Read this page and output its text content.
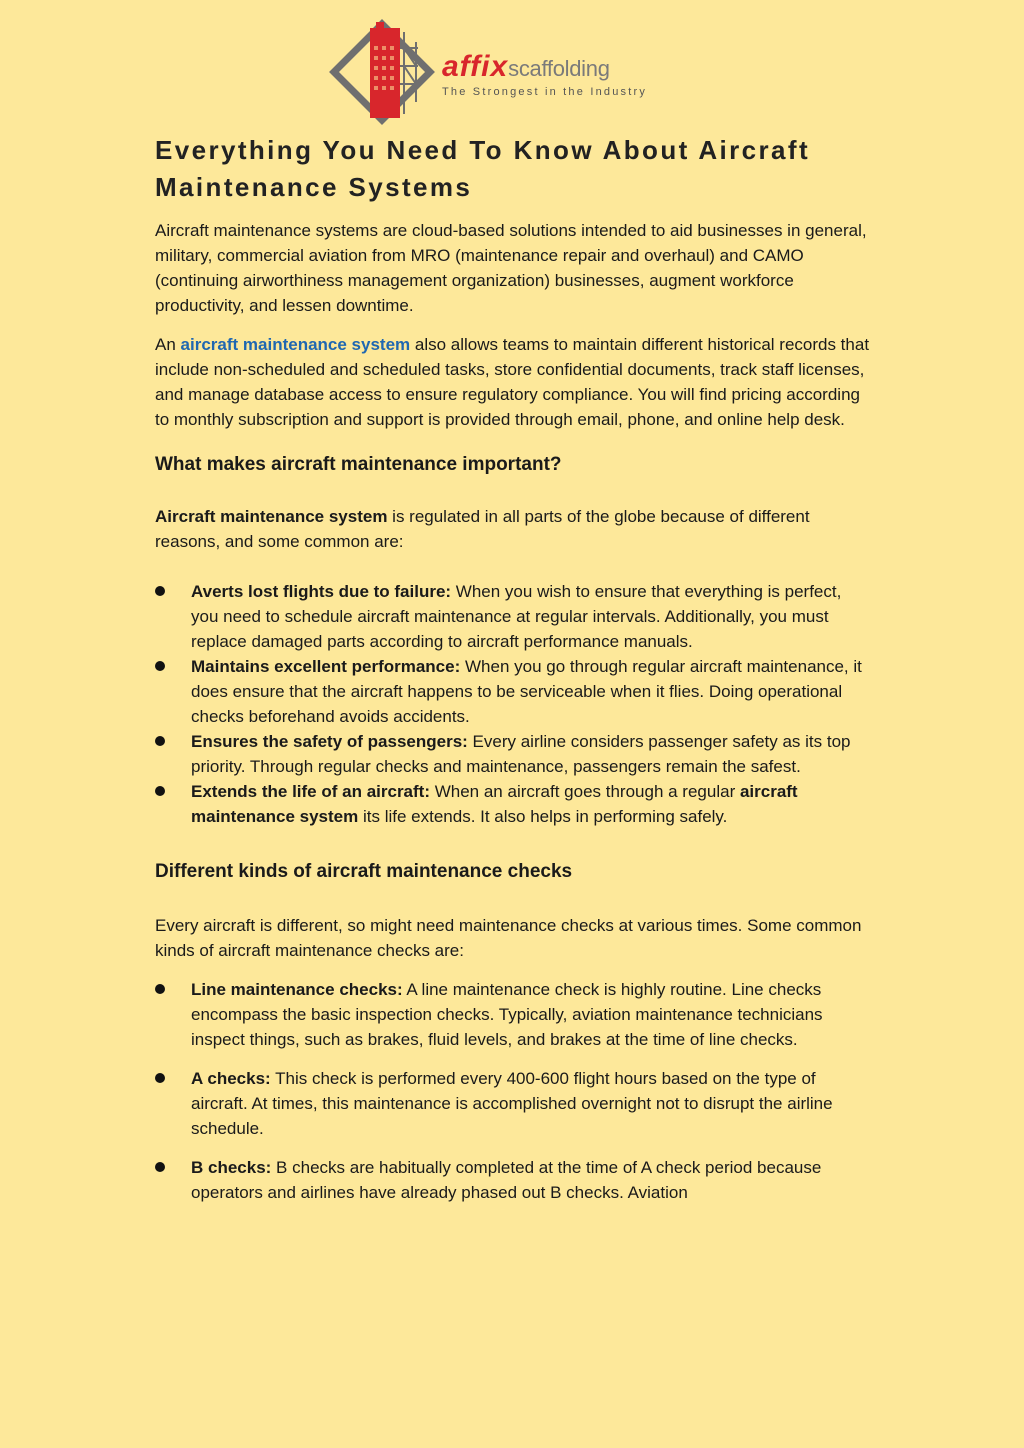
affixscaffolding
The Strongest in the Industry
Everything You Need To Know About Aircraft Maintenance Systems

Aircraft maintenance systems are cloud-based solutions intended to aid businesses in general, military, commercial aviation from MRO (maintenance repair and overhaul) and CAMO (continuing airworthiness management organization) businesses, augment workforce productivity, and lessen downtime.

An aircraft maintenance system also allows teams to maintain different historical records that include non-scheduled and scheduled tasks, store confidential documents, track staff licenses, and manage database access to ensure regulatory compliance. You will find pricing according to monthly subscription and support is provided through email, phone, and online help desk.

What makes aircraft maintenance important?

Aircraft maintenance system is regulated in all parts of the globe because of different reasons, and some common are:

Averts lost flights due to failure: When you wish to ensure that everything is perfect, you need to schedule aircraft maintenance at regular intervals. Additionally, you must replace damaged parts according to aircraft performance manuals.
Maintains excellent performance: When you go through regular aircraft maintenance, it does ensure that the aircraft happens to be serviceable when it flies. Doing operational checks beforehand avoids accidents.
Ensures the safety of passengers: Every airline considers passenger safety as its top priority. Through regular checks and maintenance, passengers remain the safest.
Extends the life of an aircraft: When an aircraft goes through a regular aircraft maintenance system its life extends. It also helps in performing safely.
Different kinds of aircraft maintenance checks

Every aircraft is different, so might need maintenance checks at various times. Some common kinds of aircraft maintenance checks are:

Line maintenance checks: A line maintenance check is highly routine. Line checks encompass the basic inspection checks. Typically, aviation maintenance technicians inspect things, such as brakes, fluid levels, and brakes at the time of line checks.
A checks: This check is performed every 400-600 flight hours based on the type of aircraft. At times, this maintenance is accomplished overnight not to disrupt the airline schedule.
B checks: B checks are habitually completed at the time of A check period because operators and airlines have already phased out B checks. Aviation
